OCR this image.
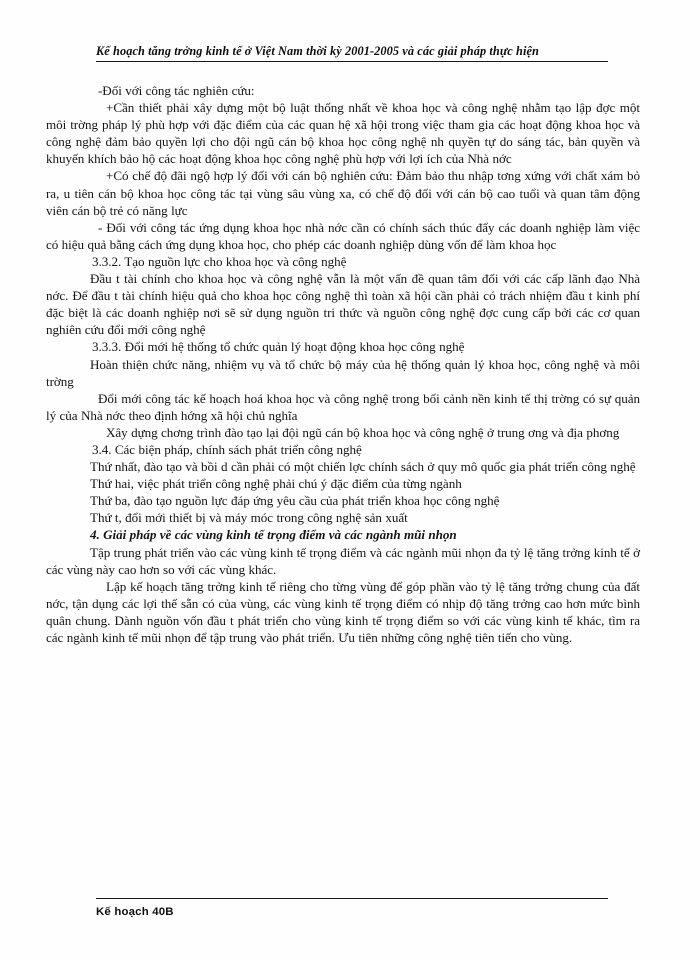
Kế hoạch tăng trởng kinh tế ở Việt Nam thời kỳ 2001-2005 và các giải pháp thực hiện

-Đối với công tác nghiên cứu:

+Cần thiết phải xây dựng một bộ luật thống nhất về khoa học và công nghệ nhằm tạo lập đợc một môi trờng pháp lý phù hợp với đặc điểm của các quan hệ xã hội trong việc tham gia các hoạt động khoa học và công nghệ đảm bảo quyền lợi cho đội ngũ cán bộ khoa học công nghệ nh quyền tự do sáng tác, bản quyền và khuyến khích bảo hộ các hoạt động khoa học công nghệ phù hợp với lợi ích của Nhà nớc

+Có chế độ đãi ngộ hợp lý đối với cán bộ nghiên cứu: Đảm bảo thu nhập tơng xứng với chất xám bỏ ra, u tiên cán bộ khoa học công tác tại vùng sâu vùng xa, có chế độ đối với cán bộ cao tuổi và quan tâm động viên cán bộ trẻ có năng lực

- Đối với công tác ứng dụng khoa học nhà nớc cần có chính sách thúc đẩy các doanh nghiệp làm việc có hiệu quả bằng cách ứng dụng khoa học, cho phép các doanh nghiệp dùng vốn để làm khoa học

3.3.2. Tạo nguồn lực cho khoa học và công nghệ

Đầu t tài chính cho khoa học và công nghệ vẫn là một vấn đề quan tâm đối với các cấp lãnh đạo Nhà nớc. Để đầu t tài chính hiệu quả cho khoa học công nghệ thì toàn xã hội cần phải có trách nhiệm đầu t kinh phí đặc biệt là các doanh nghiệp nơi sẽ sử dụng nguồn tri thức và nguồn công nghệ đợc cung cấp bởi các cơ quan nghiên cứu đổi mới công nghệ

3.3.3. Đổi mới hệ thống tổ chức quản lý hoạt động khoa học công nghệ

Hoàn thiện chức năng, nhiệm vụ và tổ chức bộ máy của hệ thống quản lý khoa học, công nghệ và môi trờng

Đổi mới công tác kế hoạch hoá khoa học và công nghệ trong bối cảnh nền kinh tế thị trờng có sự quản lý của Nhà nớc theo định hớng xã hội chủ nghĩa

Xây dựng chơng trình đào tạo lại đội ngũ cán bộ khoa học và công nghệ ở trung ơng và địa phơng

3.4. Các biện pháp, chính sách phát triển công nghệ

Thứ nhất, đào tạo và bồi d cần phải có một chiến lợc chính sách ở quy mô quốc gia phát triển công nghệ

Thứ hai, việc phát triển công nghệ phải chú ý đặc điểm của từng ngành

Thứ ba, đào tạo nguồn lực đáp ứng yêu cầu của phát triển khoa học công nghệ

Thứ t, đổi mới thiết bị và máy móc trong công nghệ sản xuất

4. Giải pháp về các vùng kinh tế trọng điểm và các ngành mũi nhọn

Tập trung phát triển vào các vùng kinh tế trọng điểm và các ngành mũi nhọn đa tỷ lệ tăng trởng kinh tế ở các vùng này cao hơn so với các vùng khác.

Lập kế hoạch tăng trởng kinh tế riêng cho từng vùng để góp phần vào tỷ lệ tăng trởng chung của đất nớc, tận dụng các lợi thế sẵn có của vùng, các vùng kinh tế trọng điểm có nhịp độ tăng trởng cao hơn mức bình quân chung. Dành nguồn vốn đầu t phát triển cho vùng kinh tế trọng điểm so với các vùng kinh tế khác, tìm ra các ngành kinh tế mũi nhọn để tập trung vào phát triển. Ưu tiên những công nghệ tiên tiến cho vùng.

Kế hoạch 40B
